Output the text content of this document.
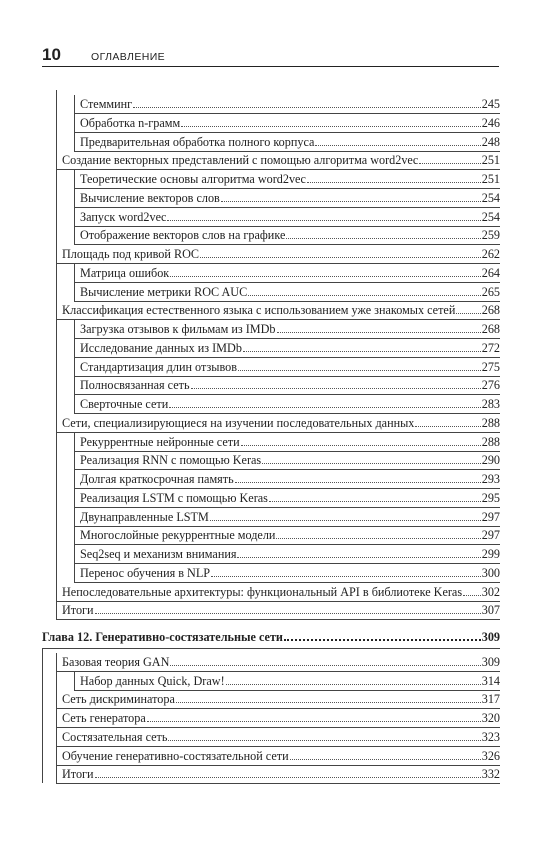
10	ОГЛАВЛЕНИЕ
Стемминг	245
Обработка n-грамм	246
Предварительная обработка полного корпуса	248
Создание векторных представлений с помощью алгоритма word2vec	251
Теоретические основы алгоритма word2vec	251
Вычисление векторов слов	254
Запуск word2vec	254
Отображение векторов слов на графике	259
Площадь под кривой ROC	262
Матрица ошибок	264
Вычисление метрики ROC AUC	265
Классификация естественного языка с использованием уже знакомых сетей 268
Загрузка отзывов к фильмам из IMDb	268
Исследование данных из IMDb	272
Стандартизация длин отзывов	275
Полносвязанная сеть	276
Сверточные сети	283
Сети, специализирующиеся на изучении последовательных данных	288
Рекуррентные нейронные сети	288
Реализация RNN с помощью Keras	290
Долгая краткосрочная память	293
Реализация LSTM с помощью Keras	295
Двунаправленные LSTM	297
Многослойные рекуррентные модели	297
Seq2seq и механизм внимания	299
Перенос обучения в NLP	300
Непоследовательные архитектуры: функциональный API в библиотеке Keras 302
Итоги	307
Глава 12. Генеративно-состязательные сети	309
Базовая теория GAN	309
Набор данных Quick, Draw!	314
Сеть дискриминатора	317
Сеть генератора	320
Состязательная сеть	323
Обучение генеративно-состязательной сети	326
Итоги	332
